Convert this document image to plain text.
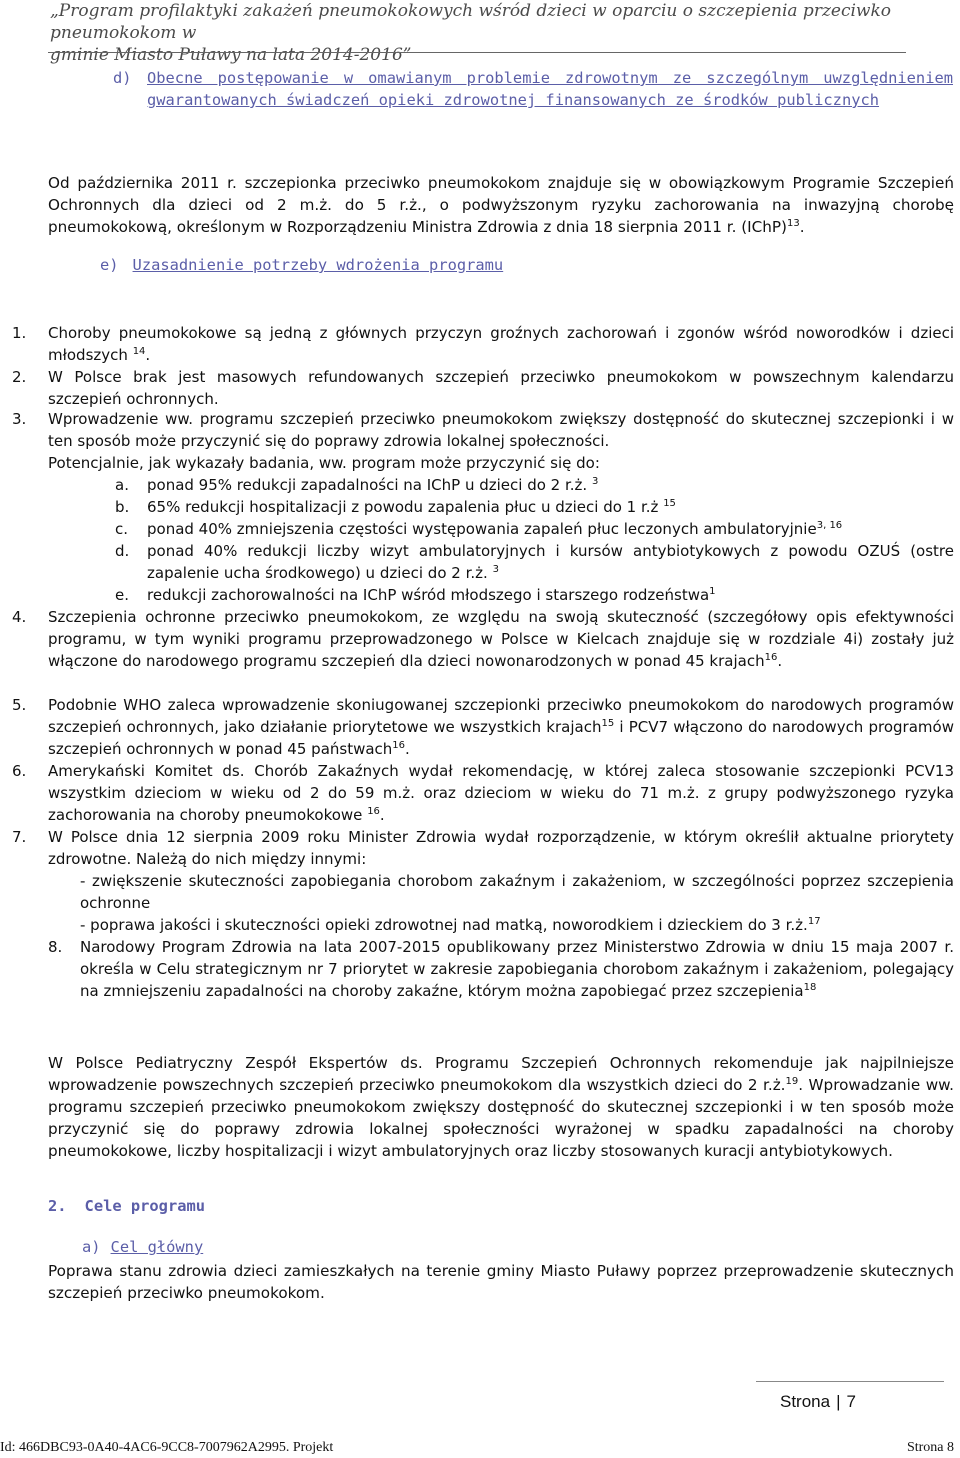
„Program profilaktyki zakażeń pneumokokowych wśród dzieci w oparciu o szczepienia przeciwko pneumokokom w
gminie Miasto Puławy na lata 2014-2016”
d) Obecne postępowanie w omawianym problemie zdrowotnym ze szczególnym uwzględnieniem gwarantowanych świadczeń opieki zdrowotnej finansowanych ze środków publicznych

Od października 2011 r. szczepionka przeciwko pneumokokom znajduje się w obowiązkowym Programie Szczepień Ochronnych dla dzieci od 2 m.ż. do 5 r.ż., o podwyższonym ryzyku zachorowania na inwazyjną chorobę pneumokokową, określonym w Rozporządzeniu Ministra Zdrowia z dnia 18 sierpnia 2011 r. (IChP)$^{13}$.

e) Uzasadnienie potrzeby wdrożenia programu
1. Choroby pneumokokowe są jedną z głównych przyczyn groźnych zachorowań i zgonów wśród noworodków i dzieci młodszych $^{14}$.
2. W Polsce brak jest masowych refundowanych szczepień przeciwko pneumokokom w powszechnym kalendarzu szczepień ochronnych.
3. Wprowadzenie ww. programu szczepień przeciwko pneumokokom zwiększy dostępność do skutecznej szczepionki i w ten sposób może przyczynić się do poprawy zdrowia lokalnej społeczności.
Potencjalnie, jak wykazały badania, ww. program może przyczynić się do:
a. ponad 95% redukcji zapadalności na IChP u dzieci do 2 r.ż. $^3$
b. 65% redukcji hospitalizacji z powodu zapalenia płuc u dzieci do 1 r.ż $^{15}$
c. ponad 40% zmniejszenia częstości występowania zapaleń płuc leczonych ambulatoryjnie$^{3, 16}$
d. ponad 40% redukcji liczby wizyt ambulatoryjnych i kursów antybiotykowych z powodu OZUŚ (ostre zapalenie ucha środkowego) u dzieci do 2 r.ż. $^3$
e. redukcji zachorowalności na IChP wśród młodszego i starszego rodzeństwa$^1$
4. Szczepienia ochronne przeciwko pneumokokom, ze względu na swoją skuteczność (szczegółowy opis efektywności programu, w tym wyniki programu przeprowadzonego w Polsce w Kielcach znajduje się w rozdziale 4i) zostały już włączone do narodowego programu szczepień dla dzieci nowonarodzonych w ponad 45 krajach$^{16}$.
5. Podobnie WHO zaleca wprowadzenie skoniugowanej szczepionki przeciwko pneumokokom do narodowych programów szczepień ochronnych, jako działanie priorytetowe we wszystkich krajach$^{15}$ i PCV7 włączono do narodowych programów szczepień ochronnych w ponad 45 państwach$^{16}$.
6. Amerykański Komitet ds. Chorób Zakaźnych wydał rekomendację, w której zaleca stosowanie szczepionki PCV13 wszystkim dzieciom w wieku od 2 do 59 m.ż. oraz dzieciom w wieku do 71 m.ż. z grupy podwyższonego ryzyka zachorowania na choroby pneumokokowe $^{16}$.
7. W Polsce dnia 12 sierpnia 2009 roku Minister Zdrowia wydał rozporządzenie, w którym określił aktualne priorytety zdrowotne. Należą do nich między innymi:
- zwiększenie skuteczności zapobiegania chorobom zakaźnym i zakażeniom, w szczególności poprzez szczepienia ochronne
- poprawa jakości i skuteczności opieki zdrowotnej nad matką, noworodkiem i dzieckiem do 3 r.ż.$^{17}$
8. Narodowy Program Zdrowia na lata 2007-2015 opublikowany przez Ministerstwo Zdrowia w dniu 15 maja 2007 r. określa w Celu strategicznym nr 7 priorytet w zakresie zapobiegania chorobom zakaźnym i zakażeniom, polegający na zmniejszeniu zapadalności na choroby zakaźne, którym można zapobiegać przez szczepienia$^{18}$

W Polsce Pediatryczny Zespół Ekspertów ds. Programu Szczepień Ochronnych rekomenduje jak najpilniejsze wprowadzenie powszechnych szczepień przeciwko pneumokokom dla wszystkich dzieci do 2 r.ż.$^{19}$. Wprowadzanie ww. programu szczepień przeciwko pneumokokom zwiększy dostępność do skutecznej szczepionki i w ten sposób może przyczynić się do poprawy zdrowia lokalnej społeczności wyrażonej w spadku zapadalności na choroby pneumokokowe, liczby hospitalizacji i wizyt ambulatoryjnych oraz liczby stosowanych kuracji antybiotykowych.

2. Cele programu
a) Cel główny

Poprawa stanu zdrowia dzieci zamieszkałych na terenie gminy Miasto Puławy poprzez przeprowadzenie skutecznych szczepień przeciwko pneumokokom.

Strona | 7
Id: 466DBC93-0A40-4AC6-9CC8-7007962A2995. Projekt	Strona 8
